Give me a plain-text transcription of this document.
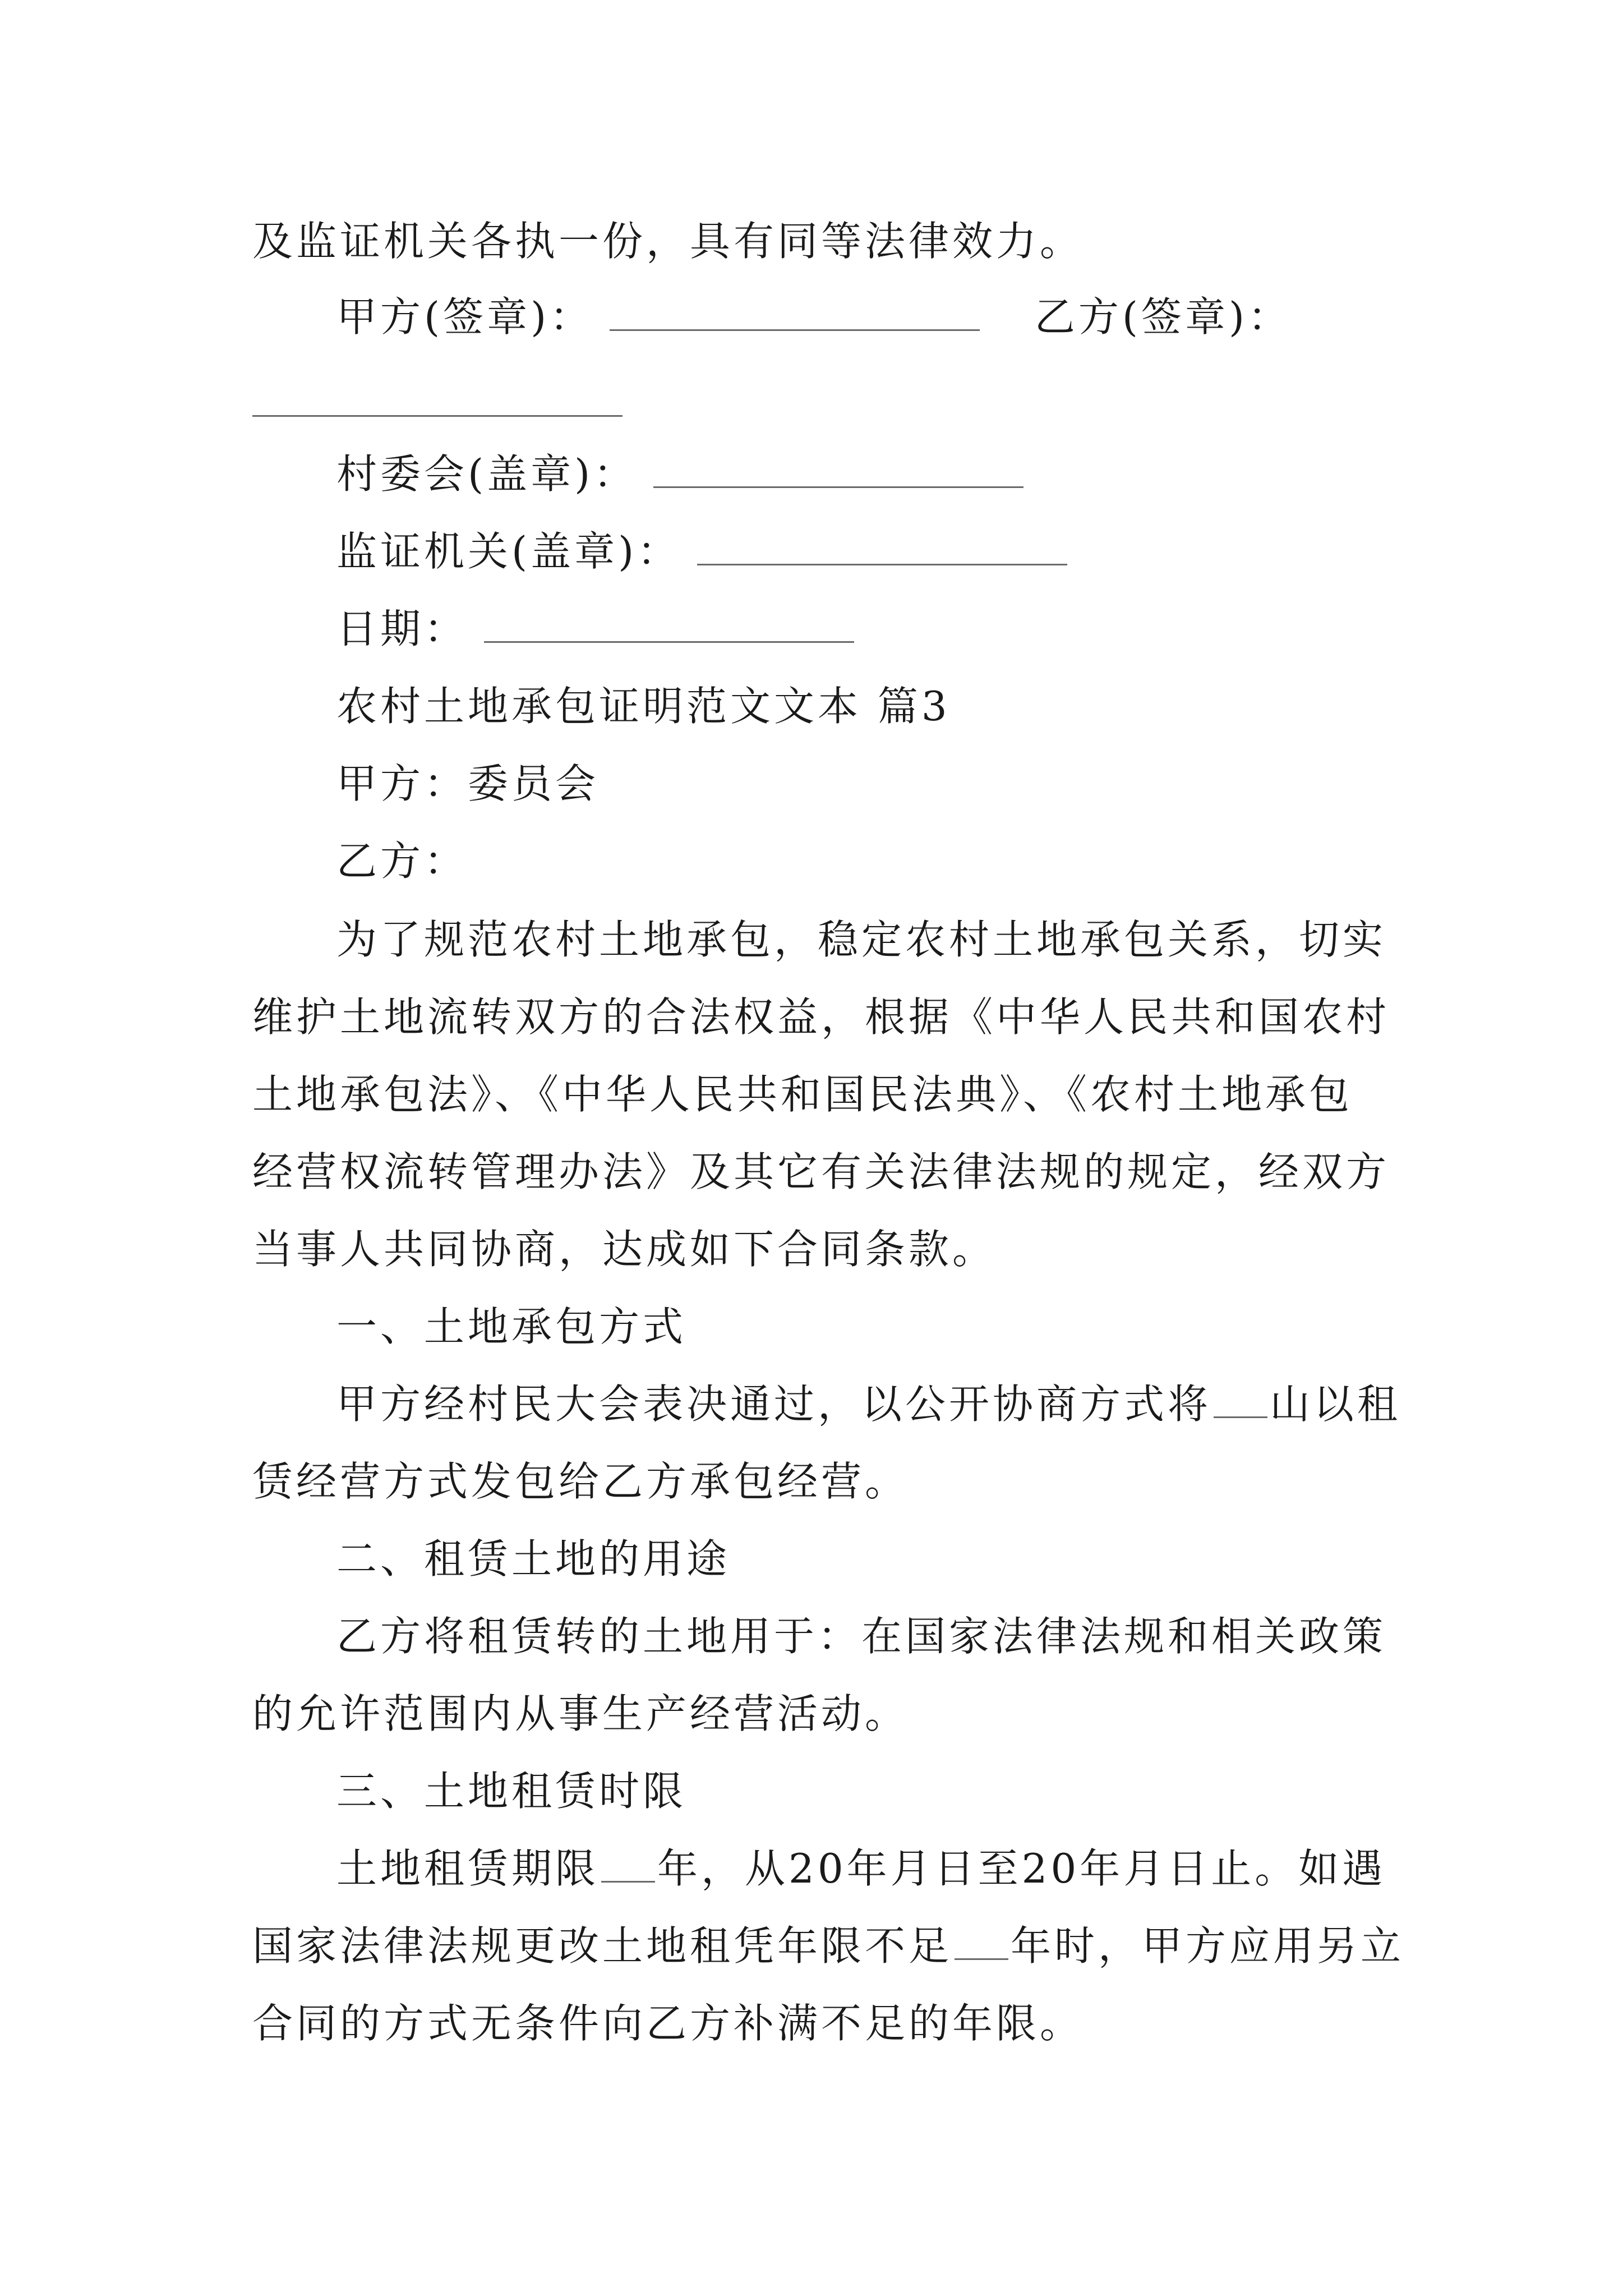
及监证机关各执一份，具有同等法律效力。
甲方(签章)：	乙方(签章)：
村委会(盖章)：
监证机关(盖章)：
日期：
农村土地承包证明范文文本 篇3
甲方：委员会
乙方：
为了规范农村土地承包，稳定农村土地承包关系，切实
维护土地流转双方的合法权益，根据《中华人民共和国农村
土地承包法》、《中华人民共和国民法典》、《农村土地承包
经营权流转管理办法》及其它有关法律法规的规定，经双方
当事人共同协商，达成如下合同条款。
一、土地承包方式
甲方经村民大会表决通过，以公开协商方式将 山以租
赁经营方式发包给乙方承包经营。
二、租赁土地的用途
乙方将租赁转的土地用于：在国家法律法规和相关政策
的允许范围内从事生产经营活动。
三、土地租赁时限
土地租赁期限 年，从20年月日至20年月日止。如遇
国家法律法规更改土地租凭年限不足 年时，甲方应用另立
合同的方式无条件向乙方补满不足的年限。
